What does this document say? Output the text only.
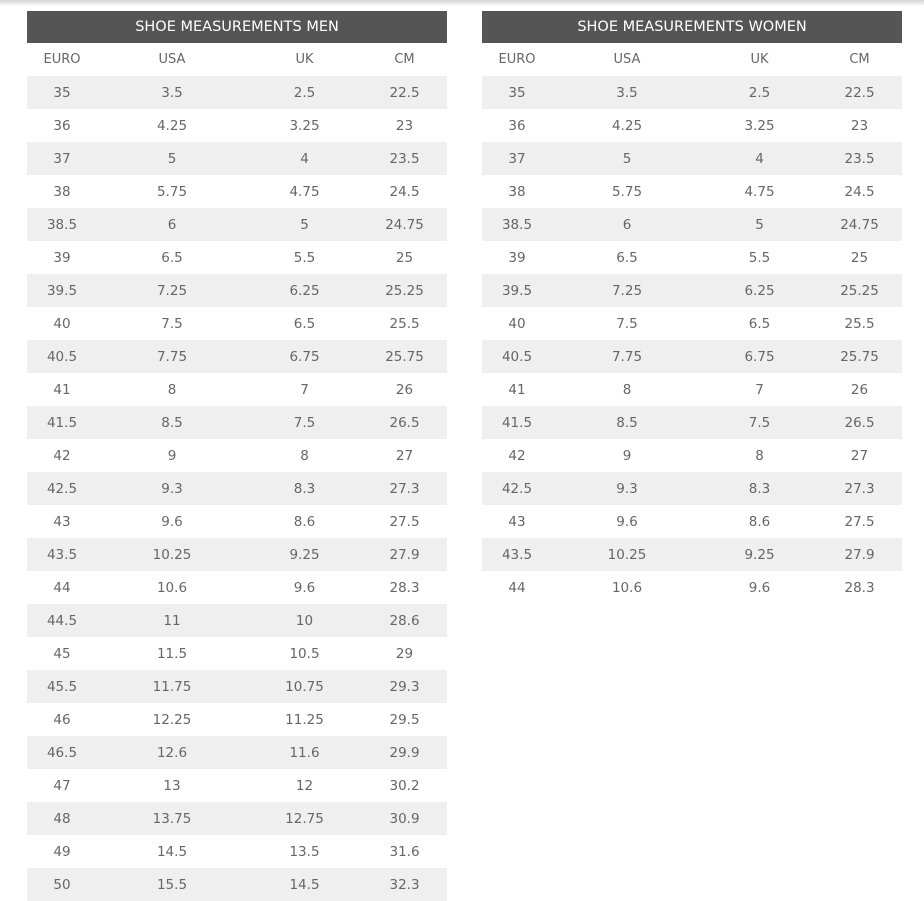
SHOE MEASUREMENTS MEN			
EURO	USA	UK	CM
35	3.5	2.5	22.5
36	4.25	3.25	23
37	5	4	23.5
38	5.75	4.75	24.5
38.5	6	5	24.75
39	6.5	5.5	25
39.5	7.25	6.25	25.25
40	7.5	6.5	25.5
40.5	7.75	6.75	25.75
41	8	7	26
41.5	8.5	7.5	26.5
42	9	8	27
42.5	9.3	8.3	27.3
43	9.6	8.6	27.5
43.5	10.25	9.25	27.9
44	10.6	9.6	28.3
44.5	11	10	28.6
45	11.5	10.5	29
45.5	11.75	10.75	29.3
46	12.25	11.25	29.5
46.5	12.6	11.6	29.9
47	13	12	30.2
48	13.75	12.75	30.9
49	14.5	13.5	31.6
50	15.5	14.5	32.3
SHOE MEASUREMENTS WOMEN			
EURO	USA	UK	CM
35	3.5	2.5	22.5
36	4.25	3.25	23
37	5	4	23.5
38	5.75	4.75	24.5
38.5	6	5	24.75
39	6.5	5.5	25
39.5	7.25	6.25	25.25
40	7.5	6.5	25.5
40.5	7.75	6.75	25.75
41	8	7	26
41.5	8.5	7.5	26.5
42	9	8	27
42.5	9.3	8.3	27.3
43	9.6	8.6	27.5
43.5	10.25	9.25	27.9
44	10.6	9.6	28.3
